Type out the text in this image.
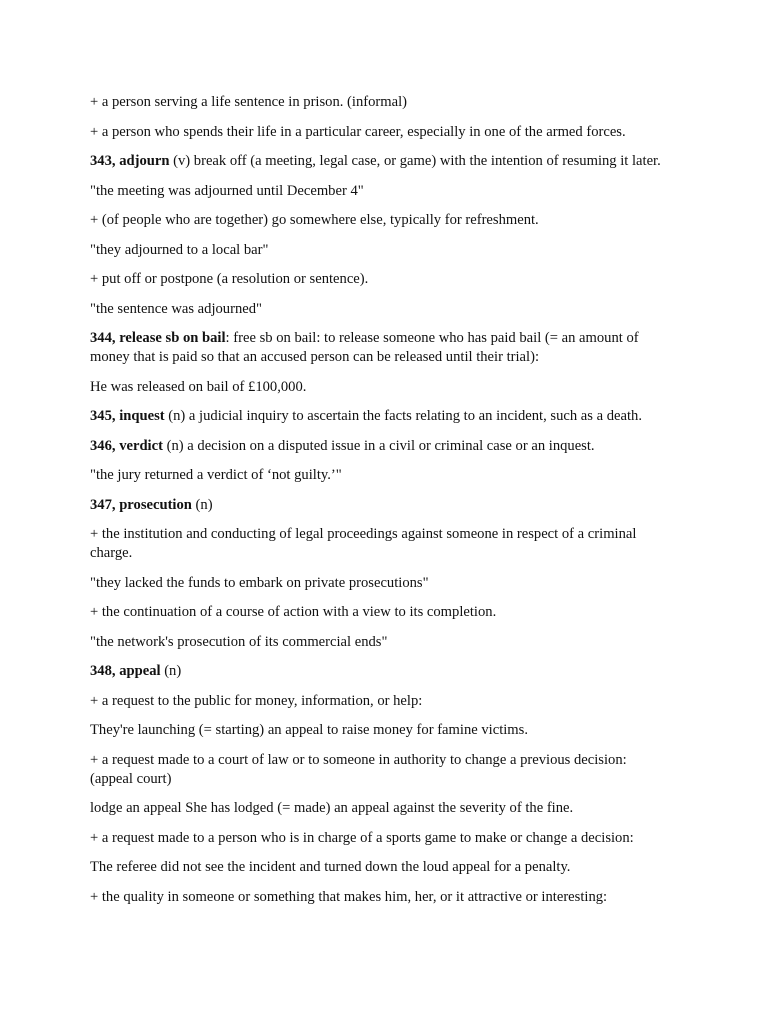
+ a person serving a life sentence in prison. (informal)

+ a person who spends their life in a particular career, especially in one of the armed forces.

343, adjourn (v) break off (a meeting, legal case, or game) with the intention of resuming it later.

"the meeting was adjourned until December 4"

+ (of people who are together) go somewhere else, typically for refreshment.

"they adjourned to a local bar"

+ put off or postpone (a resolution or sentence).

"the sentence was adjourned"

344, release sb on bail: free sb on bail: to release someone who has paid bail (= an amount of money that is paid so that an accused person can be released until their trial):

He was released on bail of £100,000.

345, inquest (n) a judicial inquiry to ascertain the facts relating to an incident, such as a death.

346, verdict (n) a decision on a disputed issue in a civil or criminal case or an inquest.

"the jury returned a verdict of ‘not guilty.’"

347, prosecution (n)

+ the institution and conducting of legal proceedings against someone in respect of a criminal charge.

"they lacked the funds to embark on private prosecutions"

+ the continuation of a course of action with a view to its completion.

"the network's prosecution of its commercial ends"

348, appeal (n)

+ a request to the public for money, information, or help:

They're launching (= starting) an appeal to raise money for famine victims.

+ a request made to a court of law or to someone in authority to change a previous decision: (appeal court)

lodge an appeal She has lodged (= made) an appeal against the severity of the fine.

+ a request made to a person who is in charge of a sports game to make or change a decision:

The referee did not see the incident and turned down the loud appeal for a penalty.

+ the quality in someone or something that makes him, her, or it attractive or interesting:
